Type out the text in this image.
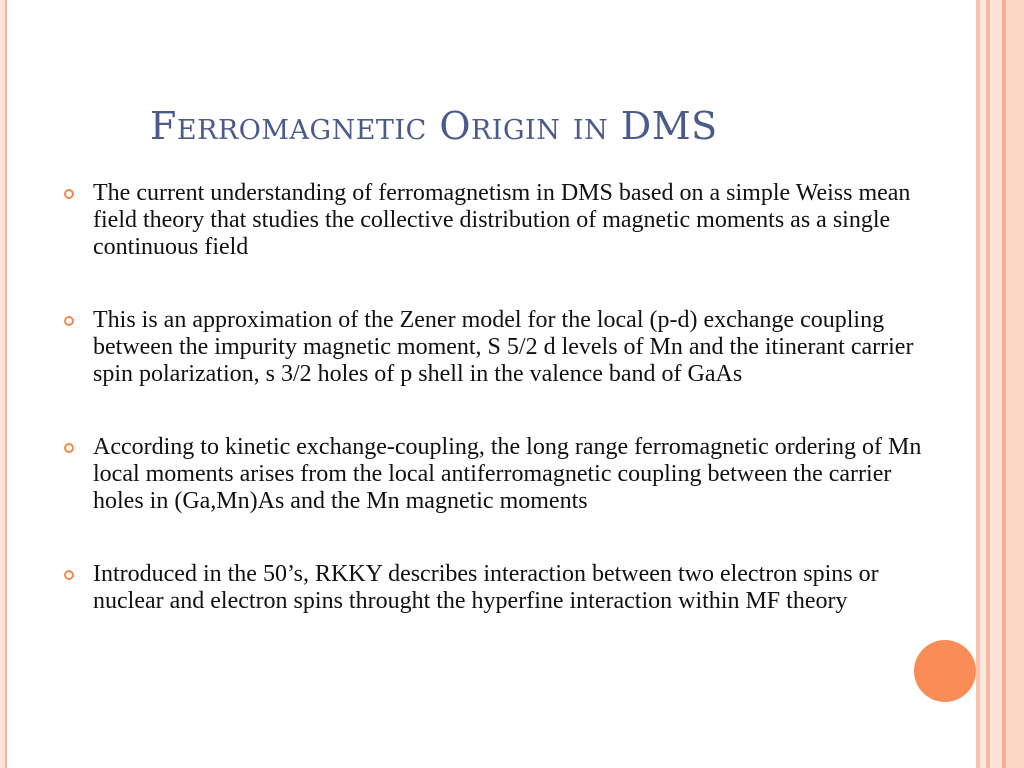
Ferromagnetic Origin in DMS
The current understanding of ferromagnetism in DMS based on a simple Weiss mean field theory that studies the collective distribution of magnetic moments as a single continuous field
This is an approximation of the Zener model for the local (p-d) exchange coupling between the impurity magnetic moment, S 5/2 d levels of Mn and the itinerant carrier spin polarization, s 3/2 holes of p shell in the valence band of GaAs
According to kinetic exchange-coupling, the long range ferromagnetic ordering of Mn local moments arises from the local antiferromagnetic coupling between the carrier holes in (Ga,Mn)As and the Mn magnetic moments
Introduced in the 50’s, RKKY describes interaction between two electron spins or nuclear and electron spins throught the hyperfine interaction within MF theory
